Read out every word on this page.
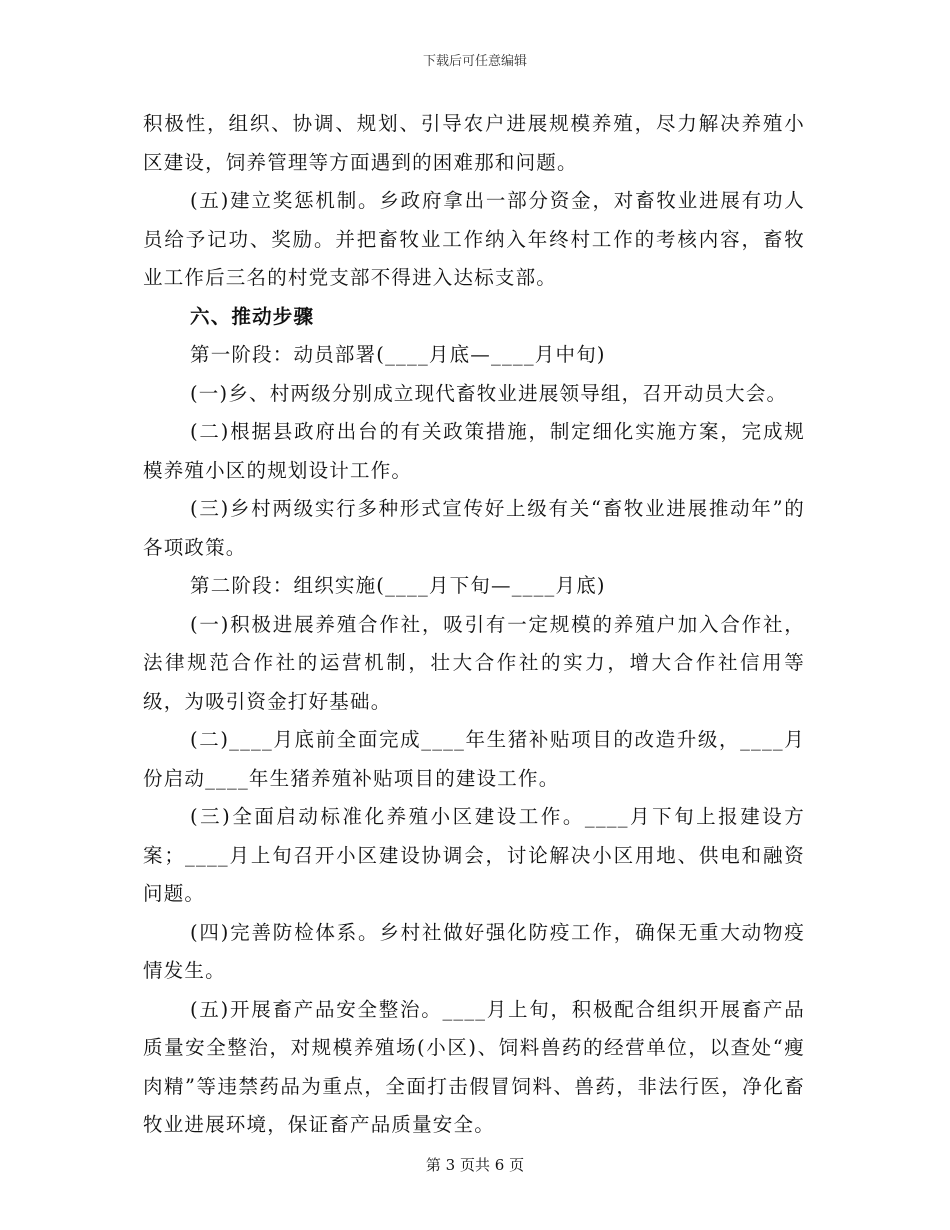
下载后可任意编辑

积极性，组织、协调、规划、引导农户进展规模养殖，尽力解决养殖小区建设，饲养管理等方面遇到的困难那和问题。

(五)建立奖惩机制。乡政府拿出一部分资金，对畜牧业进展有功人员给予记功、奖励。并把畜牧业工作纳入年终村工作的考核内容，畜牧业工作后三名的村党支部不得进入达标支部。

六、推动步骤

第一阶段：动员部署(____月底—____月中旬)

(一)乡、村两级分别成立现代畜牧业进展领导组，召开动员大会。

(二)根据县政府出台的有关政策措施，制定细化实施方案，完成规模养殖小区的规划设计工作。

(三)乡村两级实行多种形式宣传好上级有关“畜牧业进展推动年”的各项政策。

第二阶段：组织实施(____月下旬—____月底)

(一)积极进展养殖合作社，吸引有一定规模的养殖户加入合作社，法律规范合作社的运营机制，壮大合作社的实力，增大合作社信用等级，为吸引资金打好基础。

(二)____月底前全面完成____年生猪补贴项目的改造升级，____月份启动____年生猪养殖补贴项目的建设工作。

(三)全面启动标准化养殖小区建设工作。____月下旬上报建设方案；____月上旬召开小区建设协调会，讨论解决小区用地、供电和融资问题。

(四)完善防检体系。乡村社做好强化防疫工作，确保无重大动物疫情发生。

(五)开展畜产品安全整治。____月上旬，积极配合组织开展畜产品质量安全整治，对规模养殖场(小区)、饲料兽药的经营单位，以查处“瘦肉精”等违禁药品为重点，全面打击假冒饲料、兽药，非法行医，净化畜牧业进展环境，保证畜产品质量安全。

第 3 页共 6 页
